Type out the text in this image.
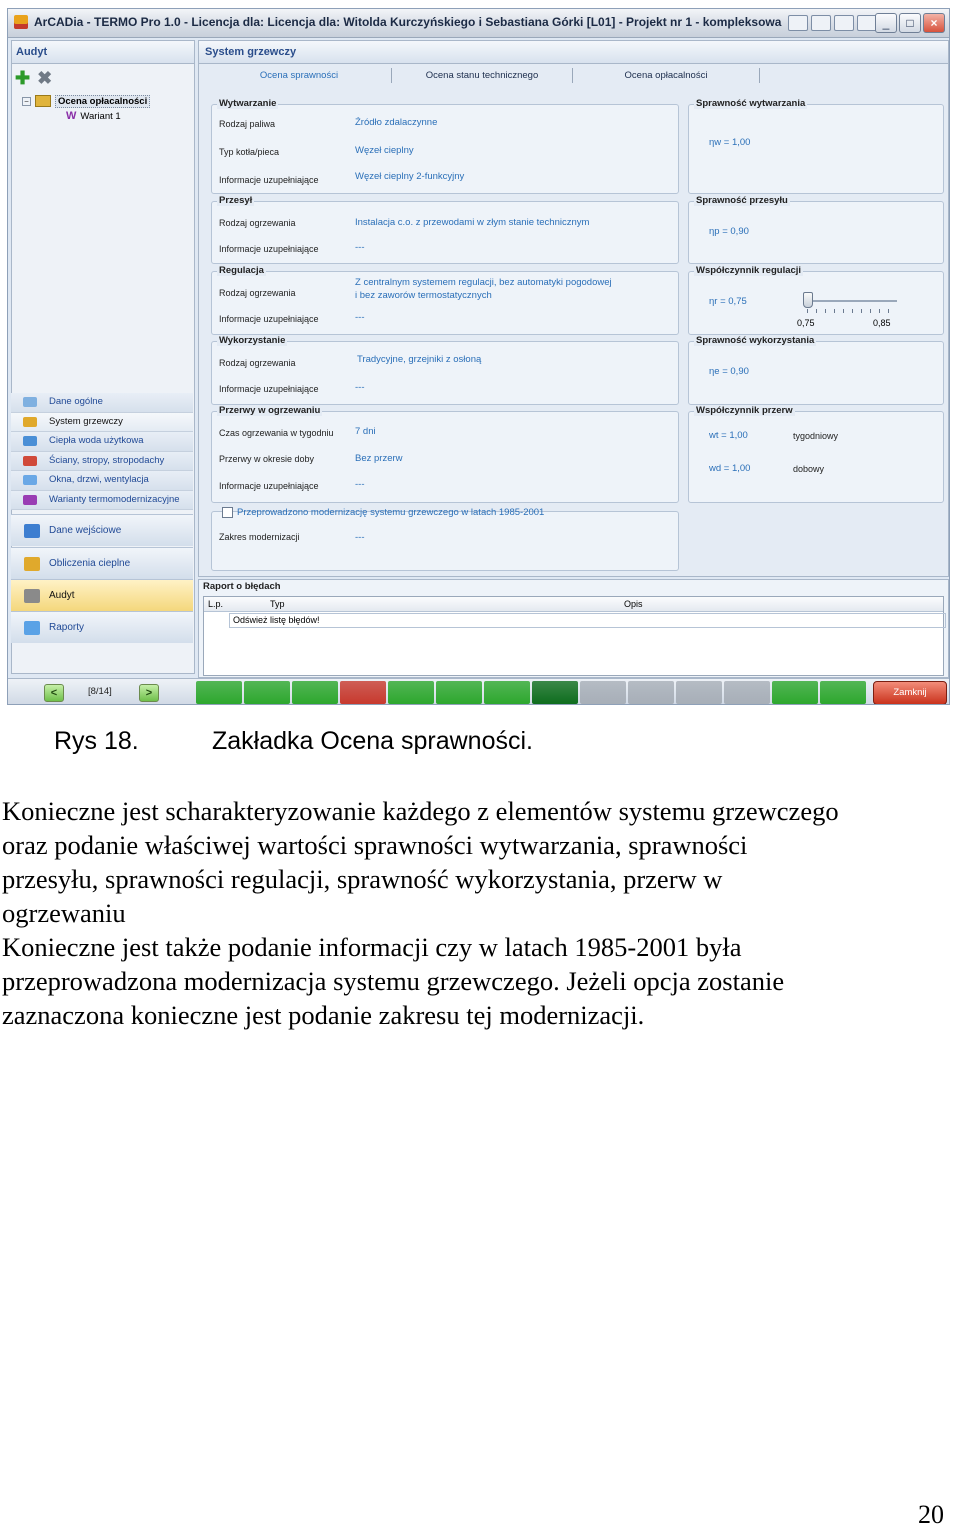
ArCADia - TERMO Pro 1.0 - Licencja dla: Licencja dla: Witolda Kurczyńskiego i Sebastiana Górki [L01] - Projekt nr 1 - kompleksowa	_	□	×
Audyt
✚ ✖
−	Ocena opłacalności
W Wariant 1
Dane ogólne
System grzewczy
Ciepła woda użytkowa
Ściany, stropy, stropodachy
Okna, drzwi, wentylacja
Warianty termomodernizacyjne
Dane wejściowe
Obliczenia cieplne
Audyt
Raporty
System grzewczy
Ocena sprawności	Ocena stanu technicznego	Ocena opłacalności
Wytwarzanie
Rodzaj paliwa	Źródło zdalaczynne
Typ kotła/pieca	Węzeł cieplny
Informacje uzupełniające	Węzeł cieplny 2-funkcyjny
Przesył
Rodzaj ogrzewania	Instalacja c.o. z przewodami w złym stanie technicznym
Informacje uzupełniające	---
Regulacja
Rodzaj ogrzewania
Z centralnym systemem regulacji, bez automatyki pogodowej
i bez zaworów termostatycznych
Informacje uzupełniające	---
Wykorzystanie
Rodzaj ogrzewania	Tradycyjne, grzejniki z osłoną
Informacje uzupełniające	---
Przerwy w ogrzewaniu
Czas ogrzewania w tygodniu 7 dni
Przerwy w okresie doby	Bez przerw
Informacje uzupełniające	---
Zakres modernizacji	---
Sprawność wytwarzania
ηw = 1,00
Sprawność przesyłu
ηp = 0,90
Współczynnik regulacji
ηr = 0,75
0,75	0,85
Sprawność wykorzystania
ηe = 0,90
Współczynnik przerw
wt = 1,00	tygodniowy
wd = 1,00	dobowy
Przeprowadzono modernizację systemu grzewczego w latach 1985-2001
Raport o błędach
L.p.	Typ	Opis
Odśwież listę błędów!
<	[8/14]	>	Zamknij
Rys 18.	Zakładka Ocena sprawności.
Konieczne jest scharakteryzowanie każdego z elementów systemu grzewczego
oraz podanie właściwej wartości sprawności wytwarzania, sprawności
przesyłu, sprawności regulacji, sprawność wykorzystania, przerw w
ogrzewaniu
Konieczne jest także podanie informacji czy w latach 1985-2001 była
przeprowadzona modernizacja systemu grzewczego. Jeżeli opcja zostanie
zaznaczona konieczne jest podanie zakresu tej modernizacji.
20
